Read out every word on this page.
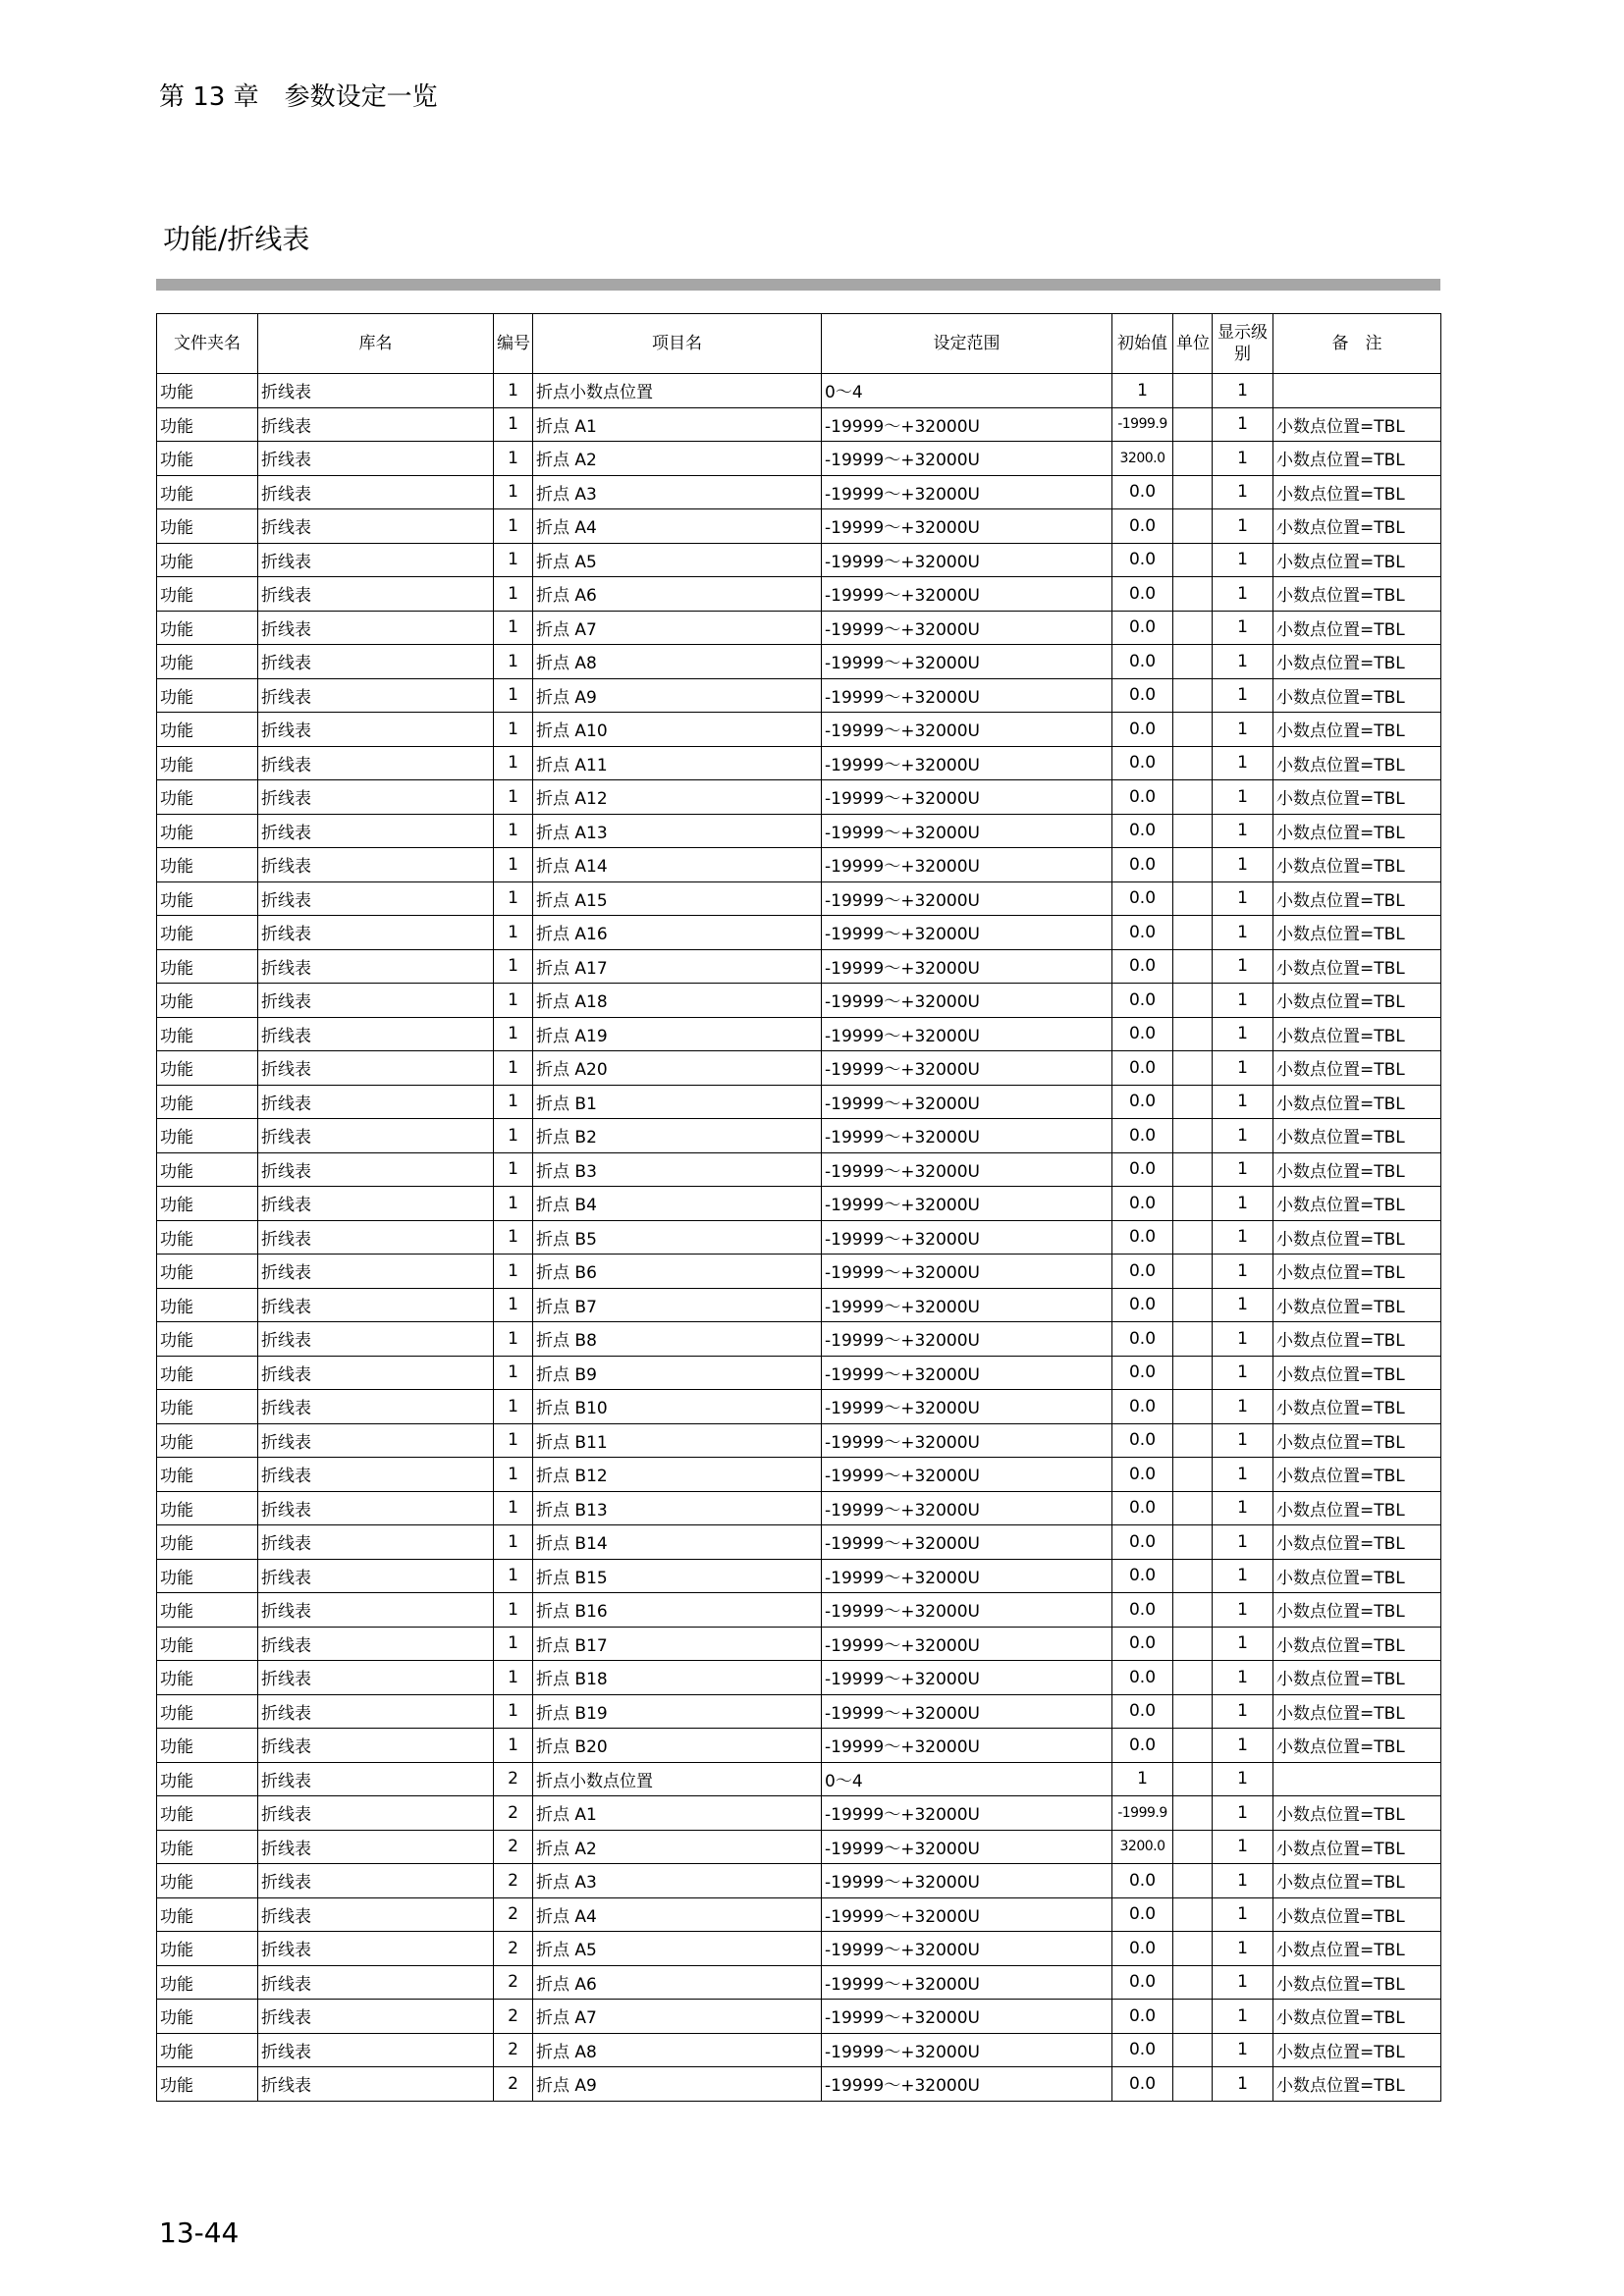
第 13 章　参数设定一览
功能/折线表
文件夹名	库名	编号	项目名	设定范围	初始值	单位	显示级别	备　注
功能	折线表	1	折点小数点位置	0～4	1		1	
功能	折线表	1	折点 A1	-19999～+32000U	-1999.9		1	小数点位置=TBL
功能	折线表	1	折点 A2	-19999～+32000U	3200.0		1	小数点位置=TBL
功能	折线表	1	折点 A3	-19999～+32000U	0.0		1	小数点位置=TBL
功能	折线表	1	折点 A4	-19999～+32000U	0.0		1	小数点位置=TBL
功能	折线表	1	折点 A5	-19999～+32000U	0.0		1	小数点位置=TBL
功能	折线表	1	折点 A6	-19999～+32000U	0.0		1	小数点位置=TBL
功能	折线表	1	折点 A7	-19999～+32000U	0.0		1	小数点位置=TBL
功能	折线表	1	折点 A8	-19999～+32000U	0.0		1	小数点位置=TBL
功能	折线表	1	折点 A9	-19999～+32000U	0.0		1	小数点位置=TBL
功能	折线表	1	折点 A10	-19999～+32000U	0.0		1	小数点位置=TBL
功能	折线表	1	折点 A11	-19999～+32000U	0.0		1	小数点位置=TBL
功能	折线表	1	折点 A12	-19999～+32000U	0.0		1	小数点位置=TBL
功能	折线表	1	折点 A13	-19999～+32000U	0.0		1	小数点位置=TBL
功能	折线表	1	折点 A14	-19999～+32000U	0.0		1	小数点位置=TBL
功能	折线表	1	折点 A15	-19999～+32000U	0.0		1	小数点位置=TBL
功能	折线表	1	折点 A16	-19999～+32000U	0.0		1	小数点位置=TBL
功能	折线表	1	折点 A17	-19999～+32000U	0.0		1	小数点位置=TBL
功能	折线表	1	折点 A18	-19999～+32000U	0.0		1	小数点位置=TBL
功能	折线表	1	折点 A19	-19999～+32000U	0.0		1	小数点位置=TBL
功能	折线表	1	折点 A20	-19999～+32000U	0.0		1	小数点位置=TBL
功能	折线表	1	折点 B1	-19999～+32000U	0.0		1	小数点位置=TBL
功能	折线表	1	折点 B2	-19999～+32000U	0.0		1	小数点位置=TBL
功能	折线表	1	折点 B3	-19999～+32000U	0.0		1	小数点位置=TBL
功能	折线表	1	折点 B4	-19999～+32000U	0.0		1	小数点位置=TBL
功能	折线表	1	折点 B5	-19999～+32000U	0.0		1	小数点位置=TBL
功能	折线表	1	折点 B6	-19999～+32000U	0.0		1	小数点位置=TBL
功能	折线表	1	折点 B7	-19999～+32000U	0.0		1	小数点位置=TBL
功能	折线表	1	折点 B8	-19999～+32000U	0.0		1	小数点位置=TBL
功能	折线表	1	折点 B9	-19999～+32000U	0.0		1	小数点位置=TBL
功能	折线表	1	折点 B10	-19999～+32000U	0.0		1	小数点位置=TBL
功能	折线表	1	折点 B11	-19999～+32000U	0.0		1	小数点位置=TBL
功能	折线表	1	折点 B12	-19999～+32000U	0.0		1	小数点位置=TBL
功能	折线表	1	折点 B13	-19999～+32000U	0.0		1	小数点位置=TBL
功能	折线表	1	折点 B14	-19999～+32000U	0.0		1	小数点位置=TBL
功能	折线表	1	折点 B15	-19999～+32000U	0.0		1	小数点位置=TBL
功能	折线表	1	折点 B16	-19999～+32000U	0.0		1	小数点位置=TBL
功能	折线表	1	折点 B17	-19999～+32000U	0.0		1	小数点位置=TBL
功能	折线表	1	折点 B18	-19999～+32000U	0.0		1	小数点位置=TBL
功能	折线表	1	折点 B19	-19999～+32000U	0.0		1	小数点位置=TBL
功能	折线表	1	折点 B20	-19999～+32000U	0.0		1	小数点位置=TBL
功能	折线表	2	折点小数点位置	0～4	1		1	
功能	折线表	2	折点 A1	-19999～+32000U	-1999.9		1	小数点位置=TBL
功能	折线表	2	折点 A2	-19999～+32000U	3200.0		1	小数点位置=TBL
功能	折线表	2	折点 A3	-19999～+32000U	0.0		1	小数点位置=TBL
功能	折线表	2	折点 A4	-19999～+32000U	0.0		1	小数点位置=TBL
功能	折线表	2	折点 A5	-19999～+32000U	0.0		1	小数点位置=TBL
功能	折线表	2	折点 A6	-19999～+32000U	0.0		1	小数点位置=TBL
功能	折线表	2	折点 A7	-19999～+32000U	0.0		1	小数点位置=TBL
功能	折线表	2	折点 A8	-19999～+32000U	0.0		1	小数点位置=TBL
功能	折线表	2	折点 A9	-19999～+32000U	0.0		1	小数点位置=TBL
13-44
